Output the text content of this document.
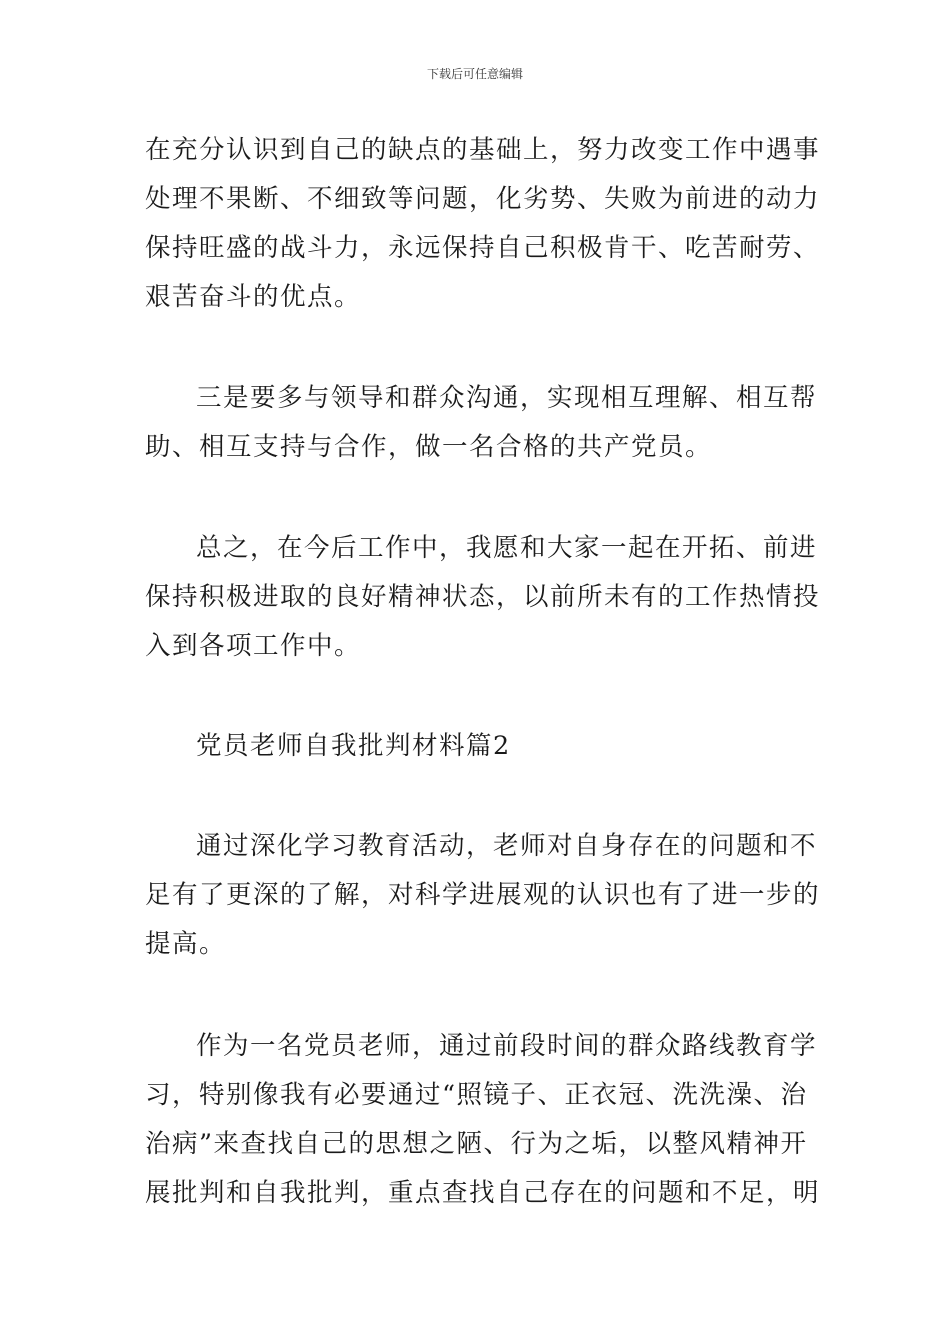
下载后可任意编辑
在充分认识到自己的缺点的基础上，努力改变工作中遇事
处理不果断、不细致等问题，化劣势、失败为前进的动力
保持旺盛的战斗力，永远保持自己积极肯干、吃苦耐劳、
艰苦奋斗的优点。
三是要多与领导和群众沟通，实现相互理解、相互帮
助、相互支持与合作，做一名合格的共产党员。
总之，在今后工作中，我愿和大家一起在开拓、前进
保持积极进取的良好精神状态，以前所未有的工作热情投
入到各项工作中。
党员老师自我批判材料篇2
通过深化学习教育活动，老师对自身存在的问题和不
足有了更深的了解，对科学进展观的认识也有了进一步的
提高。
作为一名党员老师，通过前段时间的群众路线教育学
习，特别像我有必要通过“照镜子、正衣冠、洗洗澡、治
治病”来查找自己的思想之陋、行为之垢，以整风精神开
展批判和自我批判，重点查找自己存在的问题和不足，明
